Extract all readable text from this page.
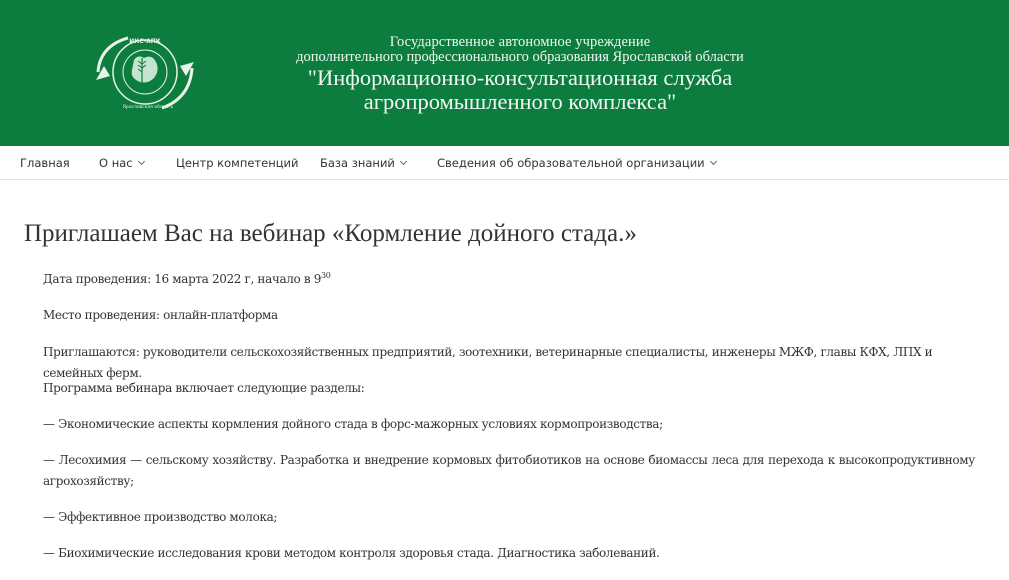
ИКС-АПК
Ярославская область
Государственное автономное учреждение
дополнительного профессионального образования Ярославской области
"Информационно-консультационная служба
агропромышленного комплекса"
Главная	О нас	Центр компетенций База знаний	Сведения об образовательной организации
Приглашаем Вас на вебинар «Кормление дойного стада.»

Дата проведения: 16 марта 2022 г, начало в $9^{30}$

Место проведения: онлайн-платформа

Приглашаются: руководители сельскохозяйственных предприятий, зоотехники, ветеринарные специалисты, инженеры МЖФ, главы КФХ, ЛПХ и семейных ферм.

Программа вебинара включает следующие разделы:

— Экономические аспекты кормления дойного стада в форс-мажорных условиях кормопроизводства;

— Лесохимия — сельскому хозяйству. Разработка и внедрение кормовых фитобиотиков на основе биомассы леса для перехода к высокопродуктивному агрохозяйству;

— Эффективное производство молока;

— Биохимические исследования крови методом контроля здоровья стада. Диагностика заболеваний.
